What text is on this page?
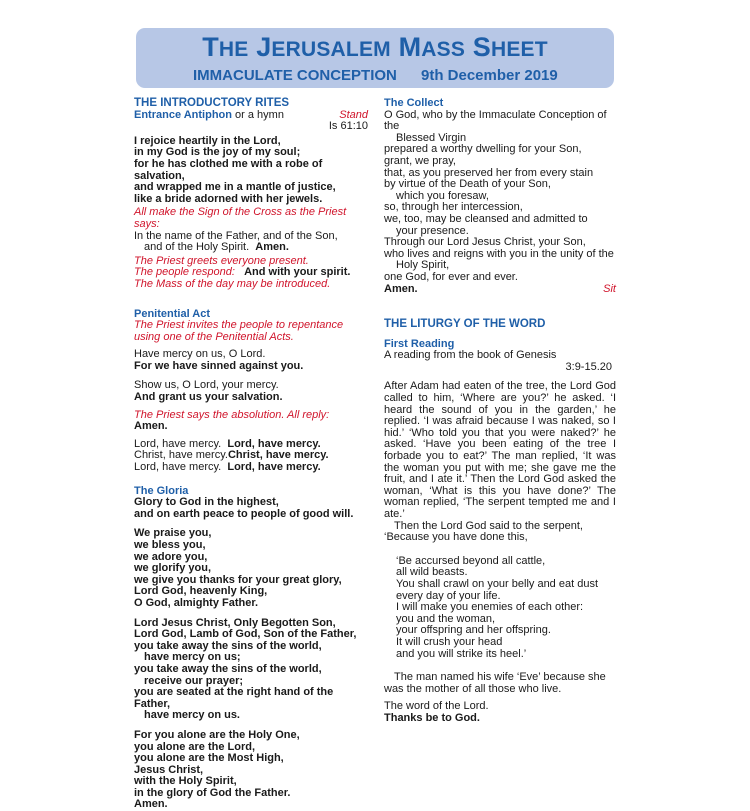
THE JERUSALEM MASS SHEET
IMMACULATE CONCEPTION 9th December 2019
THE INTRODUCTORY RITES
Entrance Antiphon or a hymn	Stand
Is 61:10
I rejoice heartily in the Lord,
in my God is the joy of my soul;
for he has clothed me with a robe of salvation,
and wrapped me in a mantle of justice,
like a bride adorned with her jewels.
All make the Sign of the Cross as the Priest says:
In the name of the Father, and of the Son,
and of the Holy Spirit. Amen.
The Priest greets everyone present.
The people respond: And with your spirit.
The Mass of the day may be introduced.
Penitential Act
The Priest invites the people to repentance
using one of the Penitential Acts.
Have mercy on us, O Lord.
For we have sinned against you.
Show us, O Lord, your mercy.
And grant us your salvation.
The Priest says the absolution. All reply:  Amen.
Lord, have mercy. Lord, have mercy.
Christ, have mercy.Christ, have mercy.
Lord, have mercy. Lord, have mercy.
The Gloria
Glory to God in the highest,
and on earth peace to people of good will.
We praise you,
we bless you,
we adore you,
we glorify you,
we give you thanks for your great glory,
Lord God, heavenly King,
O God, almighty Father.
Lord Jesus Christ, Only Begotten Son,
Lord God, Lamb of God, Son of the Father,
you take away the sins of the world,
have mercy on us;
you take away the sins of the world,
receive our prayer;
you are seated at the right hand of the Father,
have mercy on us.
For you alone are the Holy One,
you alone are the Lord,
you alone are the Most High,
Jesus Christ,
with the Holy Spirit,
in the glory of God the Father.
Amen.
The Collect
O God, who by the Immaculate Conception of the
Blessed Virgin
prepared a worthy dwelling for your Son,
grant, we pray,
that, as you preserved her from every stain
by virtue of the Death of your Son,
which you foresaw,
so, through her intercession,
we, too, may be cleansed and admitted to
your presence.
Through our Lord Jesus Christ, your Son,
who lives and reigns with you in the unity of the
Holy Spirit,
one God, for ever and ever.
Amen.	Sit
THE LITURGY OF THE WORD
First Reading
A reading from the book of Genesis
3:9-15.20
After Adam had eaten of the tree, the Lord God called to him, ‘Where are you?’ he asked. ‘I heard the sound of you in the garden,’ he replied. ‘I was afraid because I was naked, so I hid.’ ‘Who told you that you were naked?’ he asked. ‘Have you been eating of the tree I forbade you to eat?’ The man replied, ‘It was the woman you put with me; she gave me the fruit, and I ate it.’ Then the Lord God asked the woman, ‘What is this you have done?’ The woman replied, ‘The serpent tempted me and I ate.’
Then the Lord God said to the serpent, ‘Because you have done this,
‘Be accursed beyond all cattle,
all wild beasts.
You shall crawl on your belly and eat dust
every day of your life.
I will make you enemies of each other:
you and the woman,
your offspring and her offspring.
It will crush your head
and you will strike its heel.’
The man named his wife ‘Eve’ because she was the mother of all those who live.
The word of the Lord.
Thanks be to God.
